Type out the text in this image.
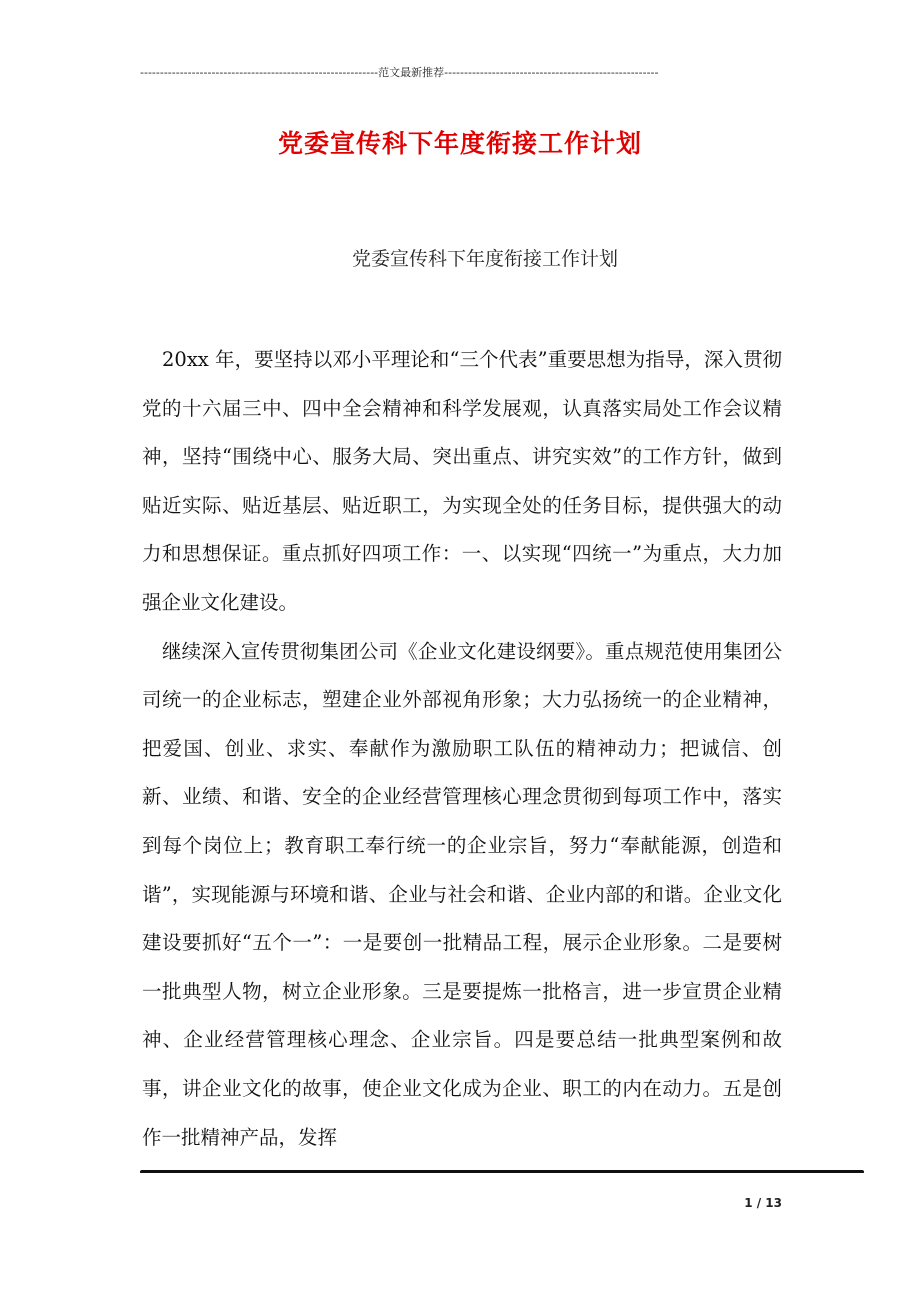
------------------------------------------------------------范文最新推荐------------------------------------------------------
党委宣传科下年度衔接工作计划
党委宣传科下年度衔接工作计划

20xx 年，要坚持以邓小平理论和“三个代表”重要思想为指导，深入贯彻党的十六届三中、四中全会精神和科学发展观，认真落实局处工作会议精神，坚持“围绕中心、服务大局、突出重点、讲究实效”的工作方针，做到贴近实际、贴近基层、贴近职工，为实现全处的任务目标，提供强大的动力和思想保证。重点抓好四项工作：一、以实现“四统一”为重点，大力加强企业文化建设。

继续深入宣传贯彻集团公司《企业文化建设纲要》。重点规范使用集团公司统一的企业标志，塑建企业外部视角形象；大力弘扬统一的企业精神，把爱国、创业、求实、奉献作为激励职工队伍的精神动力；把诚信、创新、业绩、和谐、安全的企业经营管理核心理念贯彻到每项工作中，落实到每个岗位上；教育职工奉行统一的企业宗旨，努力“奉献能源，创造和谐”，实现能源与环境和谐、企业与社会和谐、企业内部的和谐。企业文化建设要抓好“五个一”：一是要创一批精品工程，展示企业形象。二是要树一批典型人物，树立企业形象。三是要提炼一批格言，进一步宣贯企业精神、企业经营管理核心理念、企业宗旨。四是要总结一批典型案例和故事，讲企业文化的故事，使企业文化成为企业、职工的内在动力。五是创作一批精神产品，发挥

1 / 13
